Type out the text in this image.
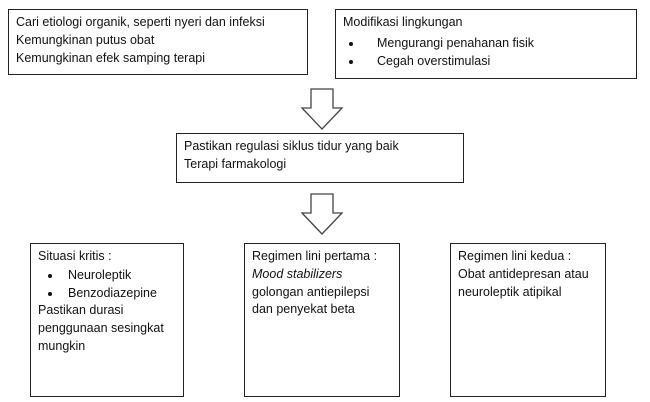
Cari etiologi organik, seperti nyeri dan infeksi
Kemungkinan putus obat
Kemungkinan efek samping terapi
Modifikasi lingkungan
• Mengurangi penahanan fisik
• Cegah overstimulasi
Pastikan regulasi siklus tidur yang baik
Terapi farmakologi
Situasi kritis :
• Neuroleptik
• Benzodiazepine
Pastikan durasi penggunaan sesingkat mungkin
Regimen lini pertama :
Mood stabilizers
golongan antiepilepsi dan penyekat beta
Regimen lini kedua :
Obat antidepresan atau neuroleptik atipikal
